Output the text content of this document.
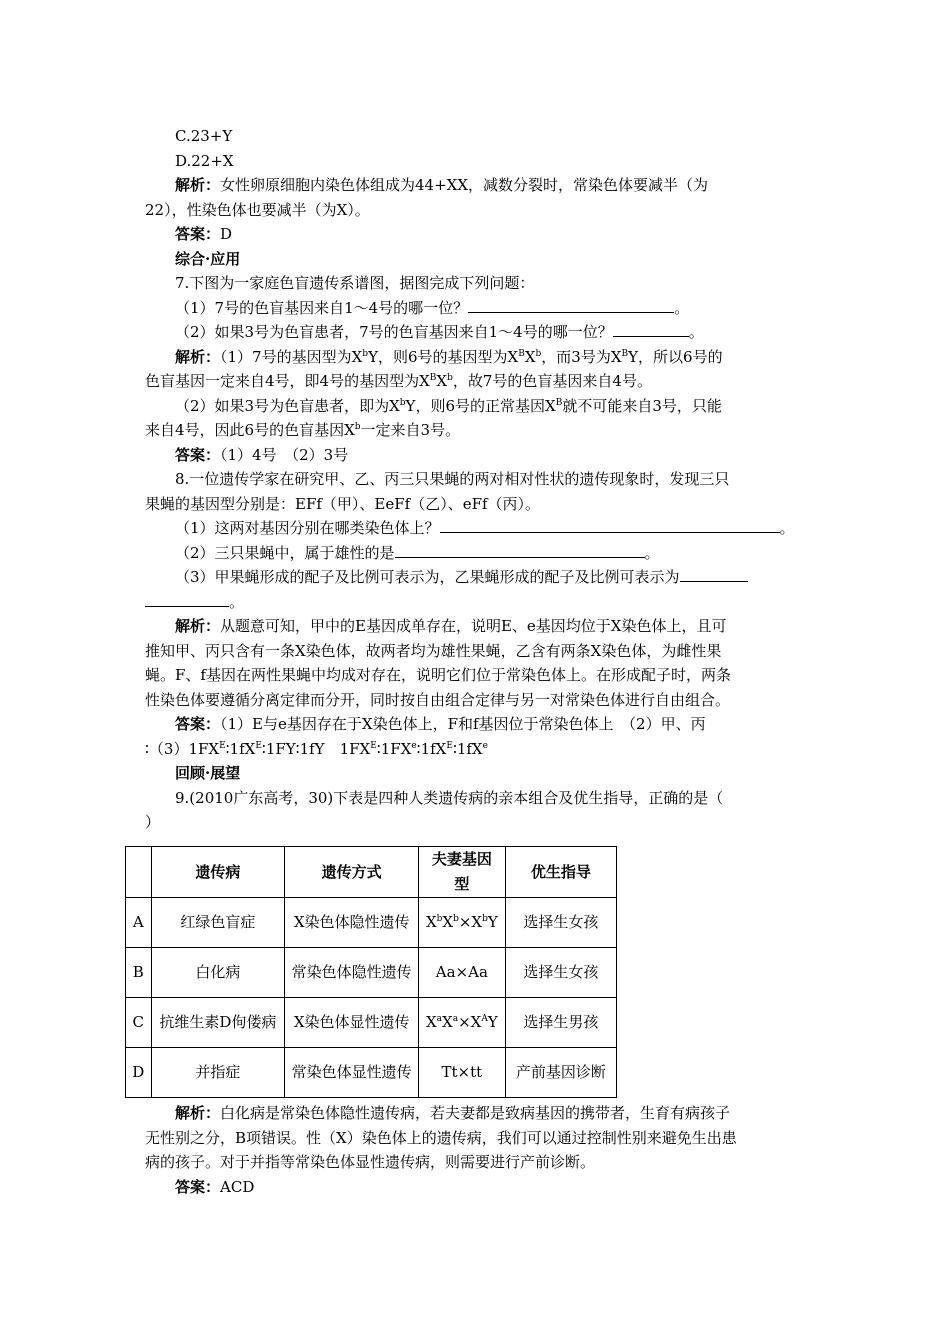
C.23+Y
D.22+X
解析：女性卵原细胞内染色体组成为44+XX，减数分裂时，常染色体要减半（为
22），性染色体也要减半（为X）。
答案：D
综合·应用
7.下图为一家庭色盲遗传系谱图，据图完成下列问题：
（1）7号的色盲基因来自1～4号的哪一位？	。
（2）如果3号为色盲患者，7号的色盲基因来自1～4号的哪一位？	。
解析：（1）7号的基因型为$X^bY$，则6号的基因型为$X^BX^b$，而3号为$X^BY$，所以6号的
色盲基因一定来自4号，即4号的基因型为$X^BX^b$，故7号的色盲基因来自4号。
（2）如果3号为色盲患者，即为$X^bY$，则6号的正常基因$X^B$就不可能来自3号，只能
来自4号，因此6号的色盲基因$X^b$一定来自3号。
答案：（1）4号　（2）3号
8.一位遗传学家在研究甲、乙、丙三只果蝇的两对相对性状的遗传现象时，发现三只
果蝇的基因型分别是：EFf（甲）、EeFf（乙）、eFf（丙）。
（1）这两对基因分别在哪类染色体上？	。
（2）三只果蝇中，属于雄性的是	。
（3）甲果蝇形成的配子及比例可表示为，乙果蝇形成的配子及比例可表示为
。
解析：从题意可知，甲中的E基因成单存在，说明E、e基因均位于X染色体上，且可
推知甲、丙只含有一条X染色体，故两者均为雄性果蝇，乙含有两条X染色体，为雌性果
蝇。F、f基因在两性果蝇中均成对存在，说明它们位于常染色体上。在形成配子时，两条
性染色体要遵循分离定律而分开，同时按自由组合定律与另一对常染色体进行自由组合。
答案：（1）E与e基因存在于X染色体上，F和f基因位于常染色体上　（2）甲、丙
$∶(3)1FX^E∶1fX^E∶1FY∶1fY$　$1FX^E∶1FX^e∶1fX^E∶1fX^e$
回顾·展望
9.(2010广东高考，30)下表是四种人类遗传病的亲本组合及优生指导，正确的是（
）
	遗传病	遗传方式	夫妻基因型	优生指导
A	红绿色盲症	X染色体隐性遗传	$X^bX^b\times X^bY$	选择生女孩
B	白化病	常染色体隐性遗传	Aa×Aa	选择生女孩
C	抗维生素D佝偻病	X染色体显性遗传	$X^aX^a\times X^AY$	选择生男孩
D	并指症	常染色体显性遗传	Tt×tt	产前基因诊断
解析：白化病是常染色体隐性遗传病，若夫妻都是致病基因的携带者，生育有病孩子
无性别之分，B项错误。性（X）染色体上的遗传病，我们可以通过控制性别来避免生出患
病的孩子。对于并指等常染色体显性遗传病，则需要进行产前诊断。
答案：ACD
